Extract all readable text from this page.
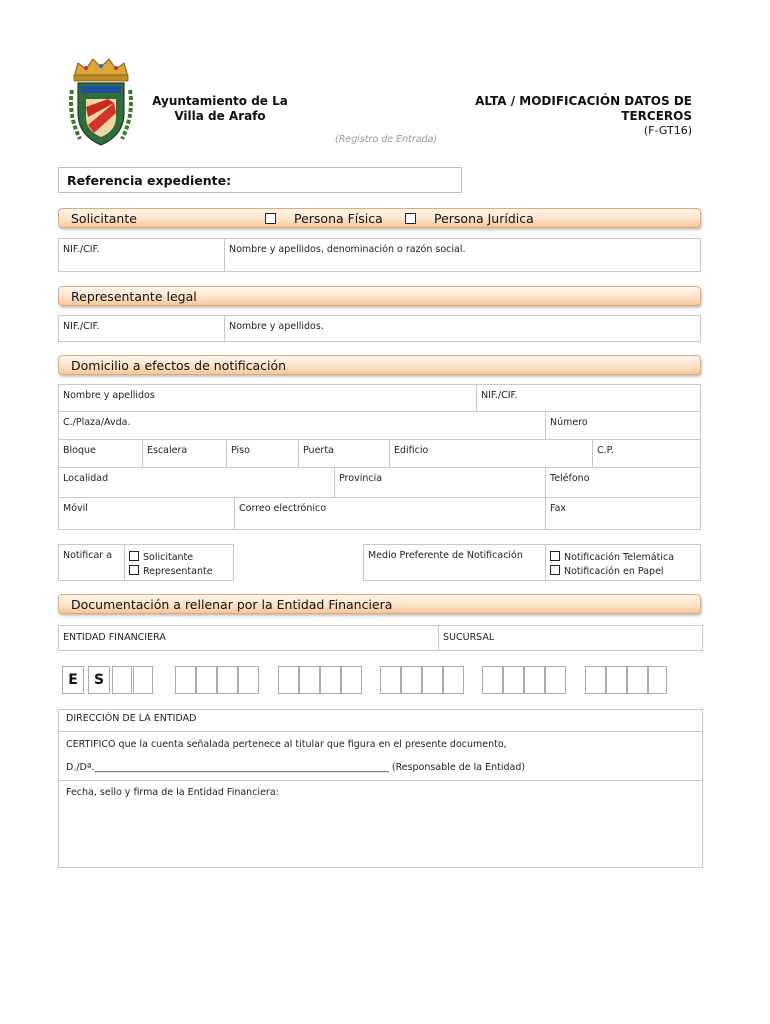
Ayuntamiento de La
Villa de Arafo
ALTA / MODIFICACIÓN DATOS DE
TERCEROS
(F-GT16)
(Registro de Entrada)
Referencia expediente:
Solicitante	Persona Física	Persona Jurídica
NIF./CIF.	Nombre y apellidos, denominación o razón social.
Representante legal
NIF./CIF.	Nombre y apellidos.
Domicilio a efectos de notificación
Nombre y apellidos	NIF./CIF.
C./Plaza/Avda.	Número
Bloque	Escalera	Piso	Puerta	Edificio	C.P.
Localidad	Provincia	Teléfono
Móvil	Correo electrónico	Fax
Notificar a	Solicitante
Representante
Medio Preferente de Notificación	Notificación Telemática
Notificación en Papel
Documentación a rellenar por la Entidad Financiera
ENTIDAD FINANCIERA	SUCURSAL
E	S
DIRECCIÓN DE LA ENTIDAD
CERTIFICO que la cuenta señalada pertenece al titular que figura en el presente documento,
D./Dª.______________________________________________________________ (Responsable de la Entidad)
Fecha, sello y firma de la Entidad Financiera:
